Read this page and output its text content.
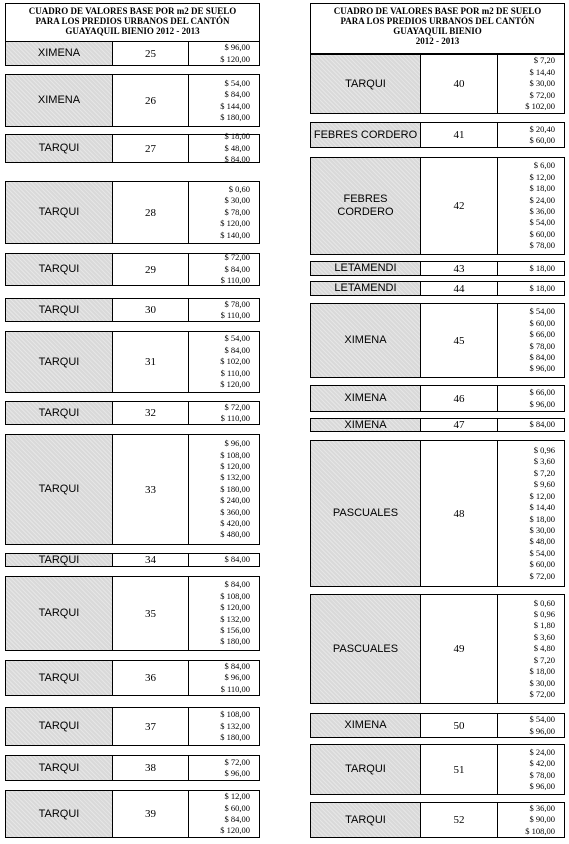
CUADRO DE VALORES BASE POR m2 DE SUELO
PARA LOS PREDIOS URBANOS DEL CANTÓN
GUAYAQUIL BIENIO 2012 - 2013
CUADRO DE VALORES BASE POR m2 DE SUELO
PARA LOS PREDIOS URBANOS DEL CANTÓN
GUAYAQUIL BIENIO
2012 - 2013
XIMENA	25
$ 96,00
$ 120,00
XIMENA	26
$ 54,00
$ 84,00
$ 144,00
$ 180,00
TARQUI	27
$ 18,00
$ 48,00
$ 84,00
TARQUI	28
$ 0,60
$ 30,00
$ 78,00
$ 120,00
$ 140,00
TARQUI	29
$ 72,00
$ 84,00
$ 110,00
TARQUI	30
$ 78,00
$ 110,00
TARQUI	31
$ 54,00
$ 84,00
$ 102,00
$ 110,00
$ 120,00
TARQUI	32
$ 72,00
$ 110,00
TARQUI	33
$ 96,00
$ 108,00
$ 120,00
$ 132,00
$ 180,00
$ 240,00
$ 360,00
$ 420,00
$ 480,00
TARQUI	34	$ 84,00
TARQUI	35
$ 84,00
$ 108,00
$ 120,00
$ 132,00
$ 156,00
$ 180,00
TARQUI	36
$ 84,00
$ 96,00
$ 110,00
TARQUI	37
$ 108,00
$ 132,00
$ 180,00
TARQUI	38
$ 72,00
$ 96,00
TARQUI	39
$ 12,00
$ 60,00
$ 84,00
$ 120,00
TARQUI	40
$ 7,20
$ 14,40
$ 30,00
$ 72,00
$ 102,00
FEBRES CORDERO	41
$ 20,40
$ 60,00
FEBRES
CORDERO	42
$ 6,00
$ 12,00
$ 18,00
$ 24,00
$ 36,00
$ 54,00
$ 60,00
$ 78,00
LETAMENDI	43	$ 18,00
LETAMENDI	44	$ 18,00
XIMENA	45
$ 54,00
$ 60,00
$ 66,00
$ 78,00
$ 84,00
$ 96,00
XIMENA	46
$ 66,00
$ 96,00
XIMENA	47	$ 84,00
PASCUALES	48
$ 0,96
$ 3,60
$ 7,20
$ 9,60
$ 12,00
$ 14,40
$ 18,00
$ 30,00
$ 48,00
$ 54,00
$ 60,00
$ 72,00
PASCUALES	49
$ 0,60
$ 0,96
$ 1,80
$ 3,60
$ 4,80
$ 7,20
$ 18,00
$ 30,00
$ 72,00
XIMENA	50
$ 54,00
$ 96,00
TARQUI	51
$ 24,00
$ 42,00
$ 78,00
$ 96,00
TARQUI	52
$ 36,00
$ 90,00
$ 108,00
